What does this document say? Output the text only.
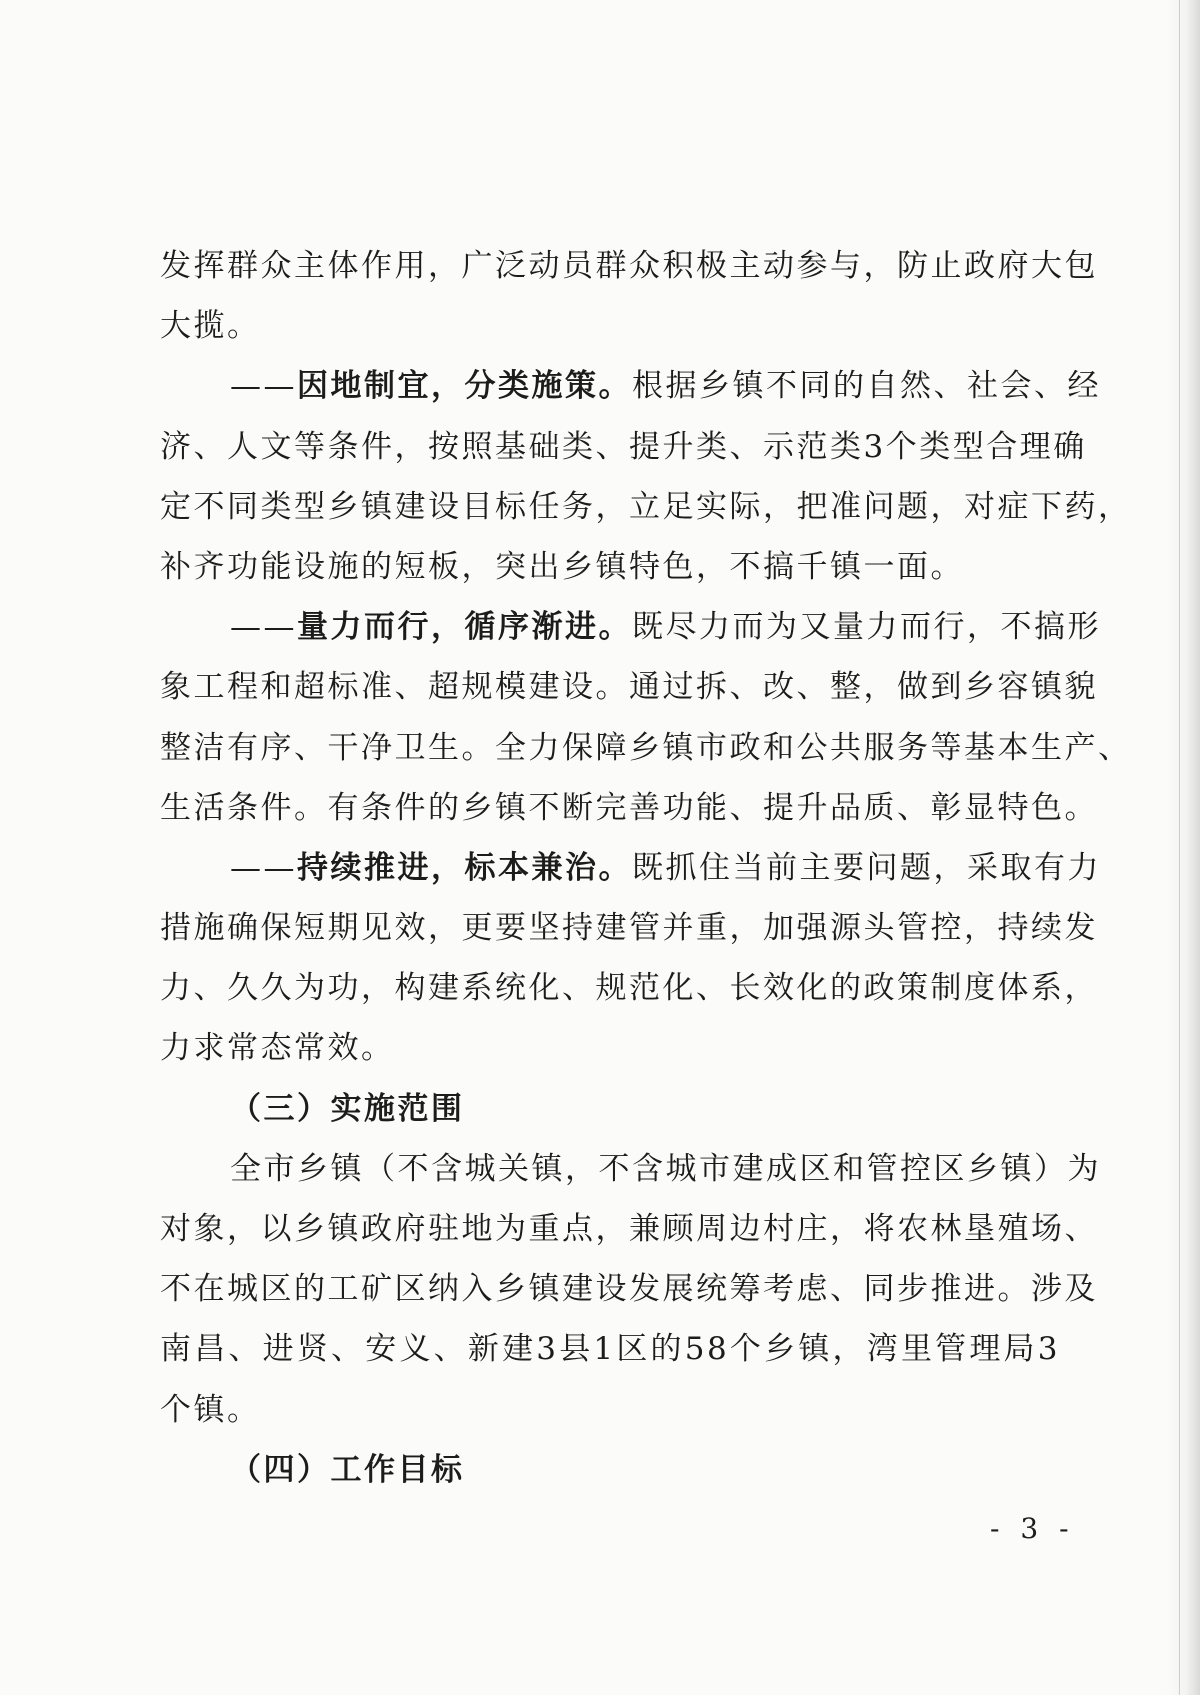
发挥群众主体作用，广泛动员群众积极主动参与，防止政府大包
大揽。
——因地制宜，分类施策。根据乡镇不同的自然、社会、经
济、人文等条件，按照基础类、提升类、示范类3个类型合理确
定不同类型乡镇建设目标任务，立足实际，把准问题，对症下药，
补齐功能设施的短板，突出乡镇特色，不搞千镇一面。
——量力而行，循序渐进。既尽力而为又量力而行，不搞形
象工程和超标准、超规模建设。通过拆、改、整，做到乡容镇貌
整洁有序、干净卫生。全力保障乡镇市政和公共服务等基本生产、
生活条件。有条件的乡镇不断完善功能、提升品质、彰显特色。
——持续推进，标本兼治。既抓住当前主要问题，采取有力
措施确保短期见效，更要坚持建管并重，加强源头管控，持续发
力、久久为功，构建系统化、规范化、长效化的政策制度体系，
力求常态常效。
（三）实施范围
全市乡镇（不含城关镇，不含城市建成区和管控区乡镇）为
对象，以乡镇政府驻地为重点，兼顾周边村庄，将农林垦殖场、
不在城区的工矿区纳入乡镇建设发展统筹考虑、同步推进。涉及
南昌、进贤、安义、新建3县1区的58个乡镇，湾里管理局3
个镇。
（四）工作目标
- 3 -
